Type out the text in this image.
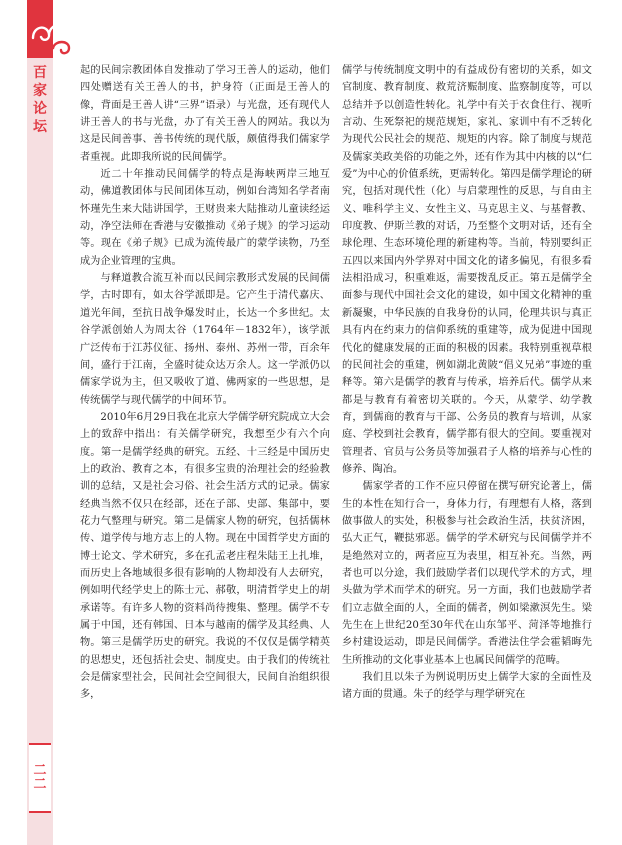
百
家
论
坛
二
二

起的民间宗教团体自发推动了学习王善人的运动，他们四处赠送有关王善人的书，护身符（正面是王善人的像，背面是王善人讲“三界”语录）与光盘，还有现代人讲王善人的书与光盘，办了有关王善人的网站。我以为这是民间善事、善书传统的现代版，颇值得我们儒家学者重视。此即我所说的民间儒学。

近二十年推动民间儒学的特点是海峡两岸三地互动，佛道教团体与民间团体互动，例如台湾知名学者南怀瑾先生来大陆讲国学，王财贵来大陆推动儿童读经运动，净空法师在香港与安徽推动《弟子规》的学习运动等。现在《弟子规》已成为流传最广的蒙学读物，乃至成为企业管理的宝典。

与释道教合流互补而以民间宗教形式发展的民间儒学，古时即有，如太谷学派即是。它产生于清代嘉庆、道光年间，至抗日战争爆发时止，长达一个多世纪。太谷学派创始人为周太谷（1764年－1832年），该学派广泛传布于江苏仪征、扬州、泰州、苏州一带，百余年间，盛行于江南，全盛时徒众达万余人。这一学派仍以儒家学说为主，但又吸收了道、佛两家的一些思想，是传统儒学与现代儒学的中间环节。

2010年6月29日我在北京大学儒学研究院成立大会上的致辞中指出：有关儒学研究，我想至少有六个向度。第一是儒学经典的研究。五经、十三经是中国历史上的政治、教育之本，有很多宝贵的治理社会的经验教训的总结，又是社会习俗、社会生活方式的记录。儒家经典当然不仅只在经部，还在子部、史部、集部中，要花力气整理与研究。第二是儒家人物的研究，包括儒林传、道学传与地方志上的人物。现在中国哲学史方面的博士论文、学术研究，多在孔孟老庄程朱陆王上扎堆，而历史上各地域很多很有影响的人物却没有人去研究，例如明代经学史上的陈士元、郝敬，明清哲学史上的胡承诺等。有许多人物的资料尚待搜集、整理。儒学不专属于中国，还有韩国、日本与越南的儒学及其经典、人物。第三是儒学历史的研究。我说的不仅仅是儒学精英的思想史，还包括社会史、制度史。由于我们的传统社会是儒家型社会，民间社会空间很大，民间自治组织很多，

儒学与传统制度文明中的有益成份有密切的关系，如文官制度、教育制度、救荒济赈制度、监察制度等，可以总结并予以创造性转化。礼学中有关于衣食住行、视听言动、生死祭祀的规范规矩，家礼、家训中有不乏转化为现代公民社会的规范、规矩的内容。除了制度与规范及儒家美政美俗的功能之外，还有作为其中内核的以“仁爱”为中心的价值系统，更需转化。第四是儒学理论的研究，包括对现代性（化）与启蒙理性的反思，与自由主义、唯科学主义、女性主义、马克思主义、与基督教、印度教、伊斯兰教的对话，乃至整个文明对话，还有全球伦理、生态环境伦理的新建构等。当前，特别要纠正五四以来国内外学界对中国文化的诸多偏见，有很多看法相沿成习，积重难返，需要拨乱反正。第五是儒学全面参与现代中国社会文化的建设，如中国文化精神的重新凝聚，中华民族的自我身份的认同，伦理共识与真正具有内在约束力的信仰系统的重建等，成为促进中国现代化的健康发展的正面的积极的因素。我特别重视草根的民间社会的重建，例如湖北黄陂“倡义兄弟”事迹的重释等。第六是儒学的教育与传承，培养后代。儒学从来都是与教育有着密切关联的。今天，从蒙学、幼学教育，到儒商的教育与干部、公务员的教育与培训，从家庭、学校到社会教育，儒学都有很大的空间。要重视对管理者、官员与公务员等加强君子人格的培养与心性的修养、陶冶。

儒家学者的工作不应只停留在撰写研究论著上，儒生的本性在知行合一，身体力行，有理想有人格，落到做事做人的实处，积极参与社会政治生活，扶贫济困，弘大正气，鞭挞邪恶。儒学的学术研究与民间儒学并不是绝然对立的，两者应互为表里，相互补充。当然，两者也可以分途，我们鼓励学者们以现代学术的方式，埋头做为学术而学术的研究。另一方面，我们也鼓励学者们立志做全面的人，全面的儒者，例如梁漱溟先生。梁先生在上世纪20至30年代在山东邹平、菏泽等地推行乡村建设运动，即是民间儒学。香港法住学会霍韬晦先生所推动的文化事业基本上也属民间儒学的范畴。

我们且以朱子为例说明历史上儒学大家的全面性及诸方面的贯通。朱子的经学与理学研究在
